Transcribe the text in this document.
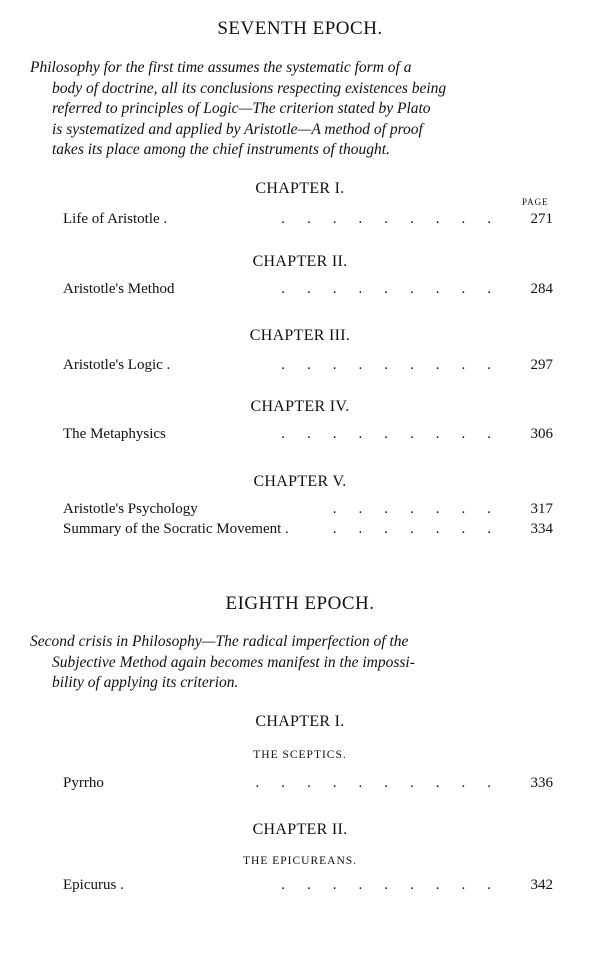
SEVENTH EPOCH.
Philosophy for the first time assumes the systematic form of a
body of doctrine, all its conclusions respecting existences being
referred to principles of Logic—The criterion stated by Plato
is systematized and applied by Aristotle—A method of proof
takes its place among the chief instruments of thought.
CHAPTER I.
PAGE
Life of Aristotle .	......... 271
CHAPTER II.
Aristotle's Method	......... 284
CHAPTER III.
Aristotle's Logic .	......... 297
CHAPTER IV.
The Metaphysics	......... 306
CHAPTER V.
Aristotle's Psychology	....... 317
Summary of the Socratic Movement .	....... 334
EIGHTH EPOCH.
Second crisis in Philosophy—The radical imperfection of the
Subjective Method again becomes manifest in the impossi-
bility of applying its criterion.
CHAPTER I.
THE SCEPTICS.
Pyrrho	.......... 336
CHAPTER II.
THE EPICUREANS.
Epicurus .	......... 342
